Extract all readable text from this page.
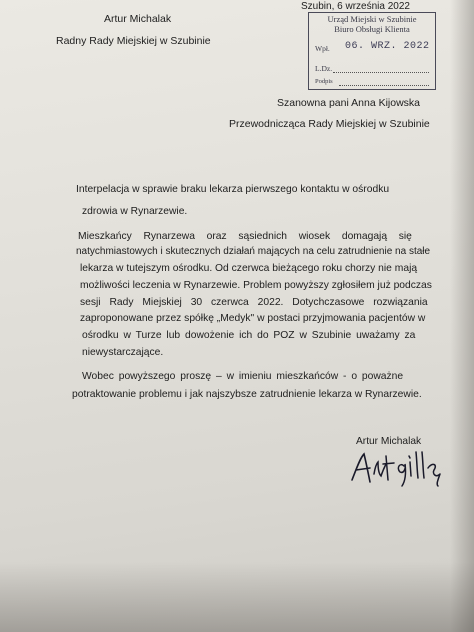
Artur Michalak
Radny Rady Miejskiej w Szubinie
Szubin, 6 września 2022
Urząd Miejski w Szubinie
Biuro Obsługi Klienta
Wpł. 06. WRZ. 2022
L.Dz.
Podpis
Szanowna pani Anna Kijowska
Przewodnicząca Rady Miejskiej w Szubinie
Interpelacja w sprawie braku lekarza pierwszego kontaktu w ośrodku
zdrowia w Rynarzewie.
Mieszkańcy Rynarzewa oraz sąsiednich wiosek domagają się
natychmiastowych i skutecznych działań mających na celu zatrudnienie na stałe
lekarza w tutejszym ośrodku. Od czerwca bieżącego roku chorzy nie mają
możliwości leczenia w Rynarzewie. Problem powyższy zgłosiłem już podczas
sesji Rady Miejskiej 30 czerwca 2022. Dotychczasowe rozwiązania
zaproponowane przez spółkę „Medyk" w postaci przyjmowania pacjentów w
ośrodku w Turze lub dowożenie ich do POZ w Szubinie uważamy za
niewystarczające.
Wobec powyższego proszę – w imieniu mieszkańców - o poważne
potraktowanie problemu i jak najszybsze zatrudnienie lekarza w Rynarzewie.
Artur Michalak
